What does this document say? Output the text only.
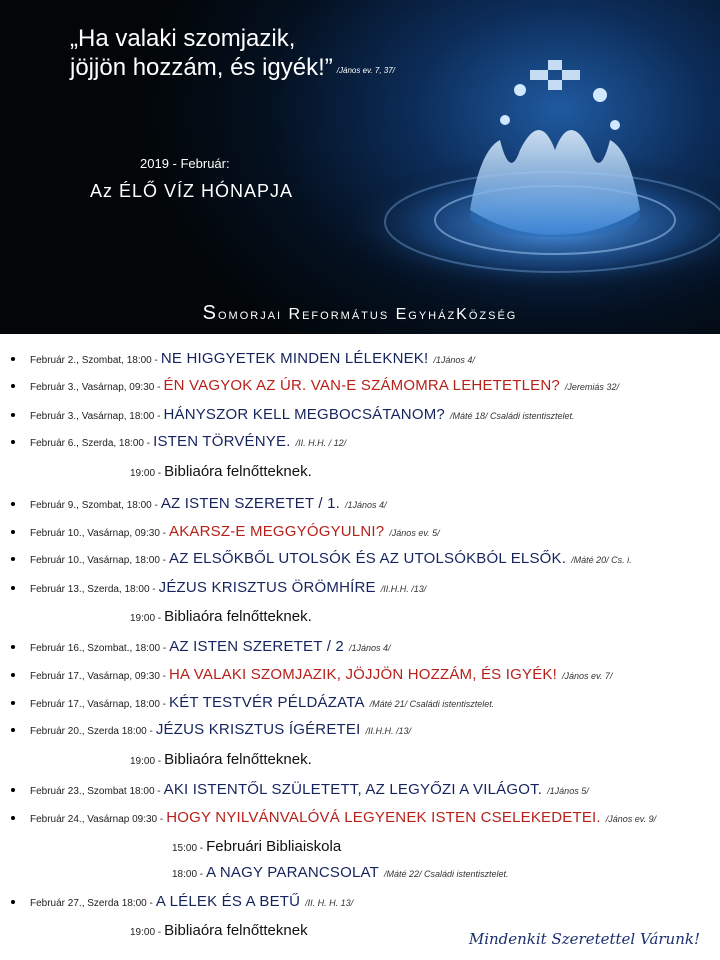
„Ha valaki szomjazik,
jöjjön hozzám, és igyék!” /János ev. 7, 37/
2019 - Február:
Az ÉLŐ VÍZ HÓNAPJA
Somorjai Református EgyházKözség
Február 2., Szombat, 18:00 - NE HIGGYETEK MINDEN LÉLEKNEK! /1János 4/
Február 3., Vasárnap, 09:30 - ÉN VAGYOK AZ ÚR. VAN-E SZÁMOMRA LEHETETLEN? /Jeremiás 32/
Február 3., Vasárnap, 18:00 - HÁNYSZOR KELL MEGBOCSÁTANOM? /Máté 18/ Családi istentisztelet.
Február 6., Szerda, 18:00 - ISTEN TÖRVÉNYE. /II. H.H. / 12/
19:00 - Bibliaóra felnőtteknek.
Február 9., Szombat, 18:00 - AZ ISTEN SZERETET / 1. /1János 4/
Február 10., Vasárnap, 09:30 - AKARSZ-E MEGGYÓGYULNI? /János ev. 5/
Február 10., Vasárnap, 18:00 - AZ ELSŐKBŐL UTOLSÓK ÉS AZ UTOLSÓKBÓL ELSŐK. /Máté 20/ Cs. i.
Február 13., Szerda, 18:00 - JÉZUS KRISZTUS ÖRÖMHÍRE /II.H.H. /13/
19:00 - Bibliaóra felnőtteknek.
Február 16., Szombat., 18:00 - AZ ISTEN SZERETET / 2 /1János 4/
Február 17., Vasárnap, 09:30 - HA VALAKI SZOMJAZIK, JÖJJÖN HOZZÁM, ÉS IGYÉK! /János ev. 7/
Február 17., Vasárnap, 18:00 - KÉT TESTVÉR PÉLDÁZATA /Máté 21/ Családi istentisztelet.
Február 20., Szerda 18:00 - JÉZUS KRISZTUS ÍGÉRETEI /II.H.H. /13/
19:00 - Bibliaóra felnőtteknek.
Február 23., Szombat 18:00 - AKI ISTENTŐL SZÜLETETT, AZ LEGYŐZI A VILÁGOT. /1János 5/
Február 24., Vasárnap 09:30 - HOGY NYILVÁNVALÓVÁ LEGYENEK ISTEN CSELEKEDETEI. /János ev. 9/
15:00 - Februári Bibliaiskola
18:00 - A NAGY PARANCSOLAT /Máté 22/ Családi istentisztelet.
Február 27., Szerda 18:00 - A LÉLEK ÉS A BETŰ /II. H. H. 13/
19:00 - Bibliaóra felnőtteknek	Mindenkit Szeretettel Várunk!
